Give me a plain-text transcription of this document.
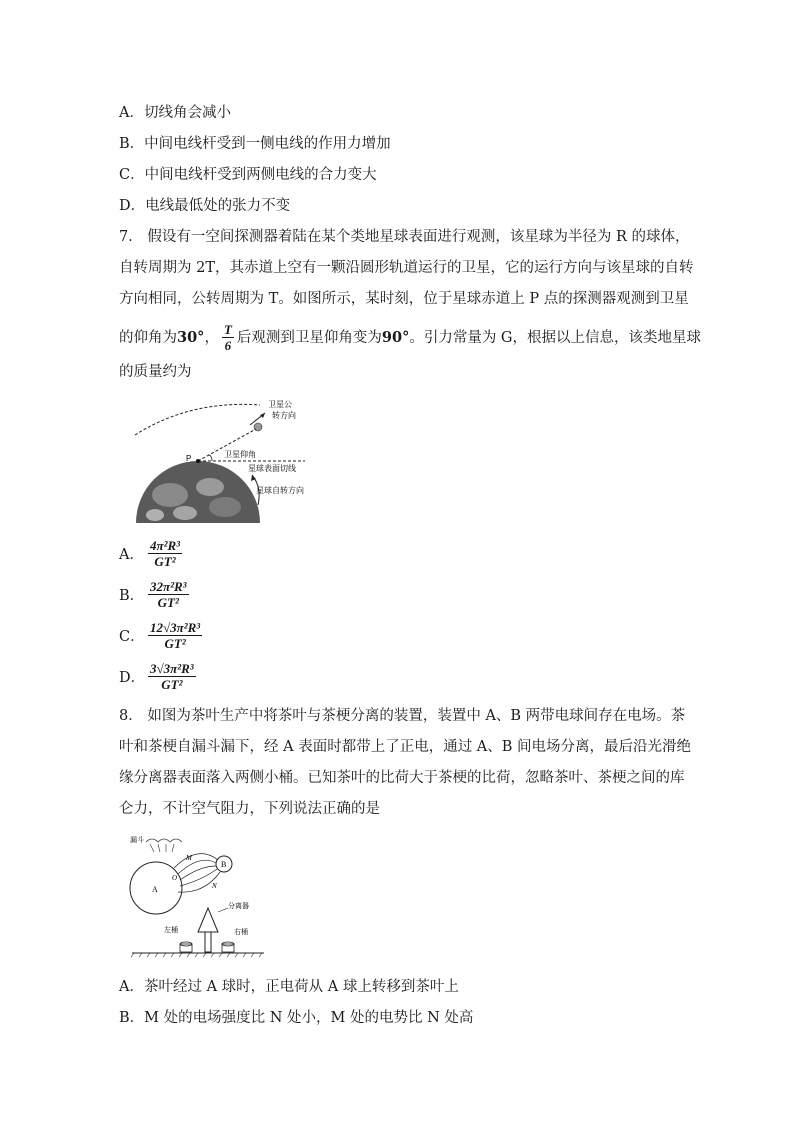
A．切线角会减小
B．中间电线杆受到一侧电线的作用力增加
C．中间电线杆受到两侧电线的合力变大
D．电线最低处的张力不变
7． 假设有一空间探测器着陆在某个类地星球表面进行观测，该星球为半径为 R 的球体，
自转周期为 2T，其赤道上空有一颗沿圆形轨道运行的卫星，它的运行方向与该星球的自转
方向相同，公转周期为 T。如图所示，某时刻，位于星球赤道上 P 点的探测器观测到卫星
的仰角为 30° ， $\frac{T}{6}$ 后观测到卫星仰角变为 90° 。引力常量为 G，根据以上信息，该类地星球
的质量约为
P
卫星公
转方向
卫星仰角
星球表面切线
星球自转方向
A． $\frac{\text{4π²R³}}{\text{GT²}}$
B． $\frac{\text{32π²R³}}{\text{GT²}}$
C． $\frac{\text{12√3π²R³}}{\text{GT²}}$
D． $\frac{\text{3√3π²R³}}{\text{GT²}}$
8． 如图为茶叶生产中将茶叶与茶梗分离的装置，装置中 A、B 两带电球间存在电场。茶
叶和茶梗自漏斗漏下，经 A 表面时都带上了正电，通过 A、B 间电场分离，最后沿光滑绝
缘分离器表面落入两侧小桶。已知茶叶的比荷大于茶梗的比荷，忽略茶叶、茶梗之间的库
仑力，不计空气阻力，下列说法正确的是
漏斗
A
B
M
N
O
分离器
左桶	右桶
A．茶叶经过 A 球时，正电荷从 A 球上转移到茶叶上
B．M 处的电场强度比 N 处小，M 处的电势比 N 处高
